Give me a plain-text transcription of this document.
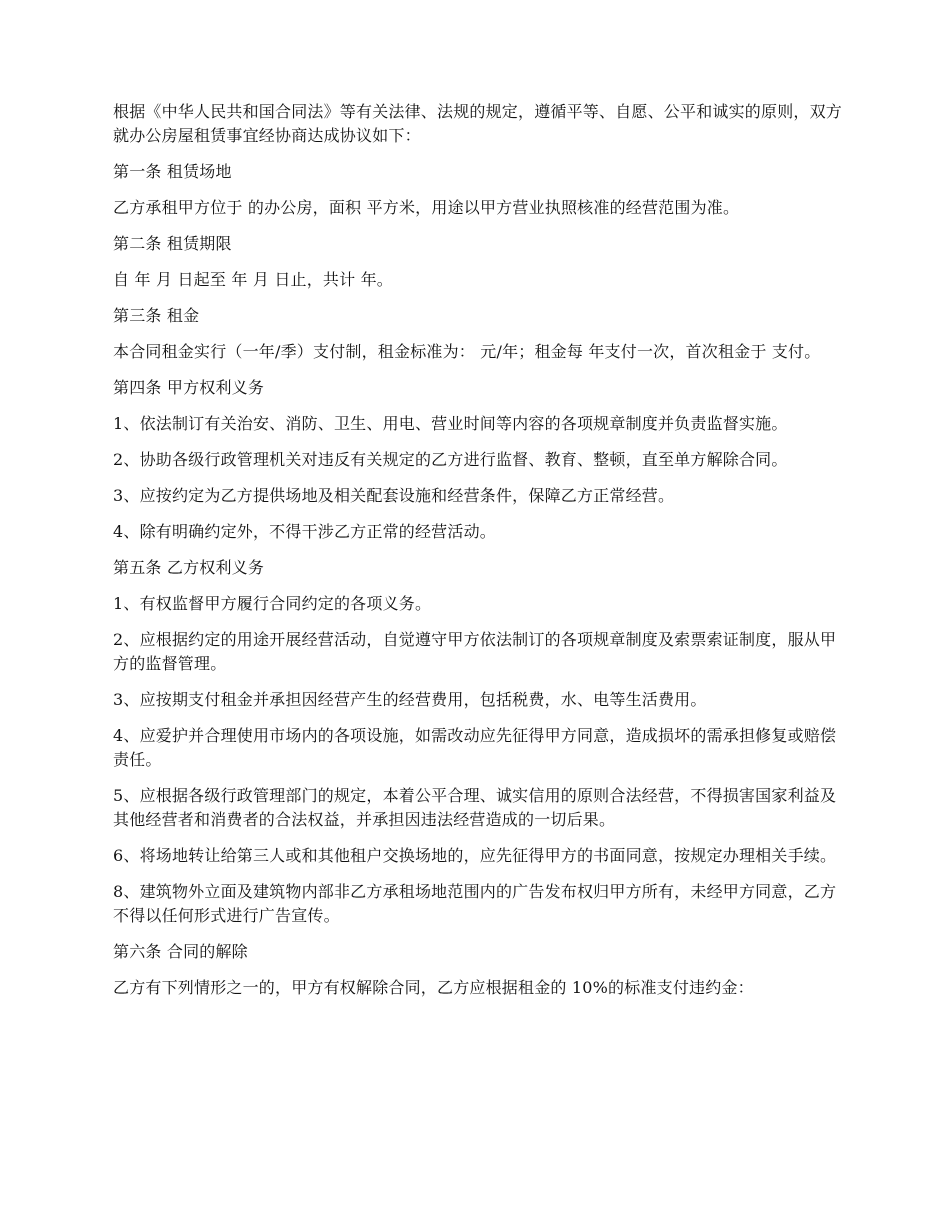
根据《中华人民共和国合同法》等有关法律、法规的规定，遵循平等、自愿、公平和诚实的原则，双方就办公房屋租赁事宜经协商达成协议如下：

第一条 租赁场地

乙方承租甲方位于 的办公房，面积 平方米，用途以甲方营业执照核准的经营范围为准。

第二条 租赁期限

自 年 月 日起至 年 月 日止，共计 年。

第三条 租金

本合同租金实行（一年/季）支付制，租金标准为： 元/年；租金每 年支付一次，首次租金于 支付。

第四条 甲方权利义务

1、依法制订有关治安、消防、卫生、用电、营业时间等内容的各项规章制度并负责监督实施。

2、协助各级行政管理机关对违反有关规定的乙方进行监督、教育、整顿，直至单方解除合同。

3、应按约定为乙方提供场地及相关配套设施和经营条件，保障乙方正常经营。

4、除有明确约定外，不得干涉乙方正常的经营活动。

第五条 乙方权利义务

1、有权监督甲方履行合同约定的各项义务。

2、应根据约定的用途开展经营活动，自觉遵守甲方依法制订的各项规章制度及索票索证制度，服从甲方的监督管理。

3、应按期支付租金并承担因经营产生的经营费用，包括税费，水、电等生活费用。

4、应爱护并合理使用市场内的各项设施，如需改动应先征得甲方同意，造成损坏的需承担修复或赔偿责任。

5、应根据各级行政管理部门的规定，本着公平合理、诚实信用的原则合法经营，不得损害国家利益及其他经营者和消费者的合法权益，并承担因违法经营造成的一切后果。

6、将场地转让给第三人或和其他租户交换场地的，应先征得甲方的书面同意，按规定办理相关手续。

8、建筑物外立面及建筑物内部非乙方承租场地范围内的广告发布权归甲方所有，未经甲方同意，乙方不得以任何形式进行广告宣传。

第六条 合同的解除

乙方有下列情形之一的，甲方有权解除合同，乙方应根据租金的 10%的标准支付违约金：
